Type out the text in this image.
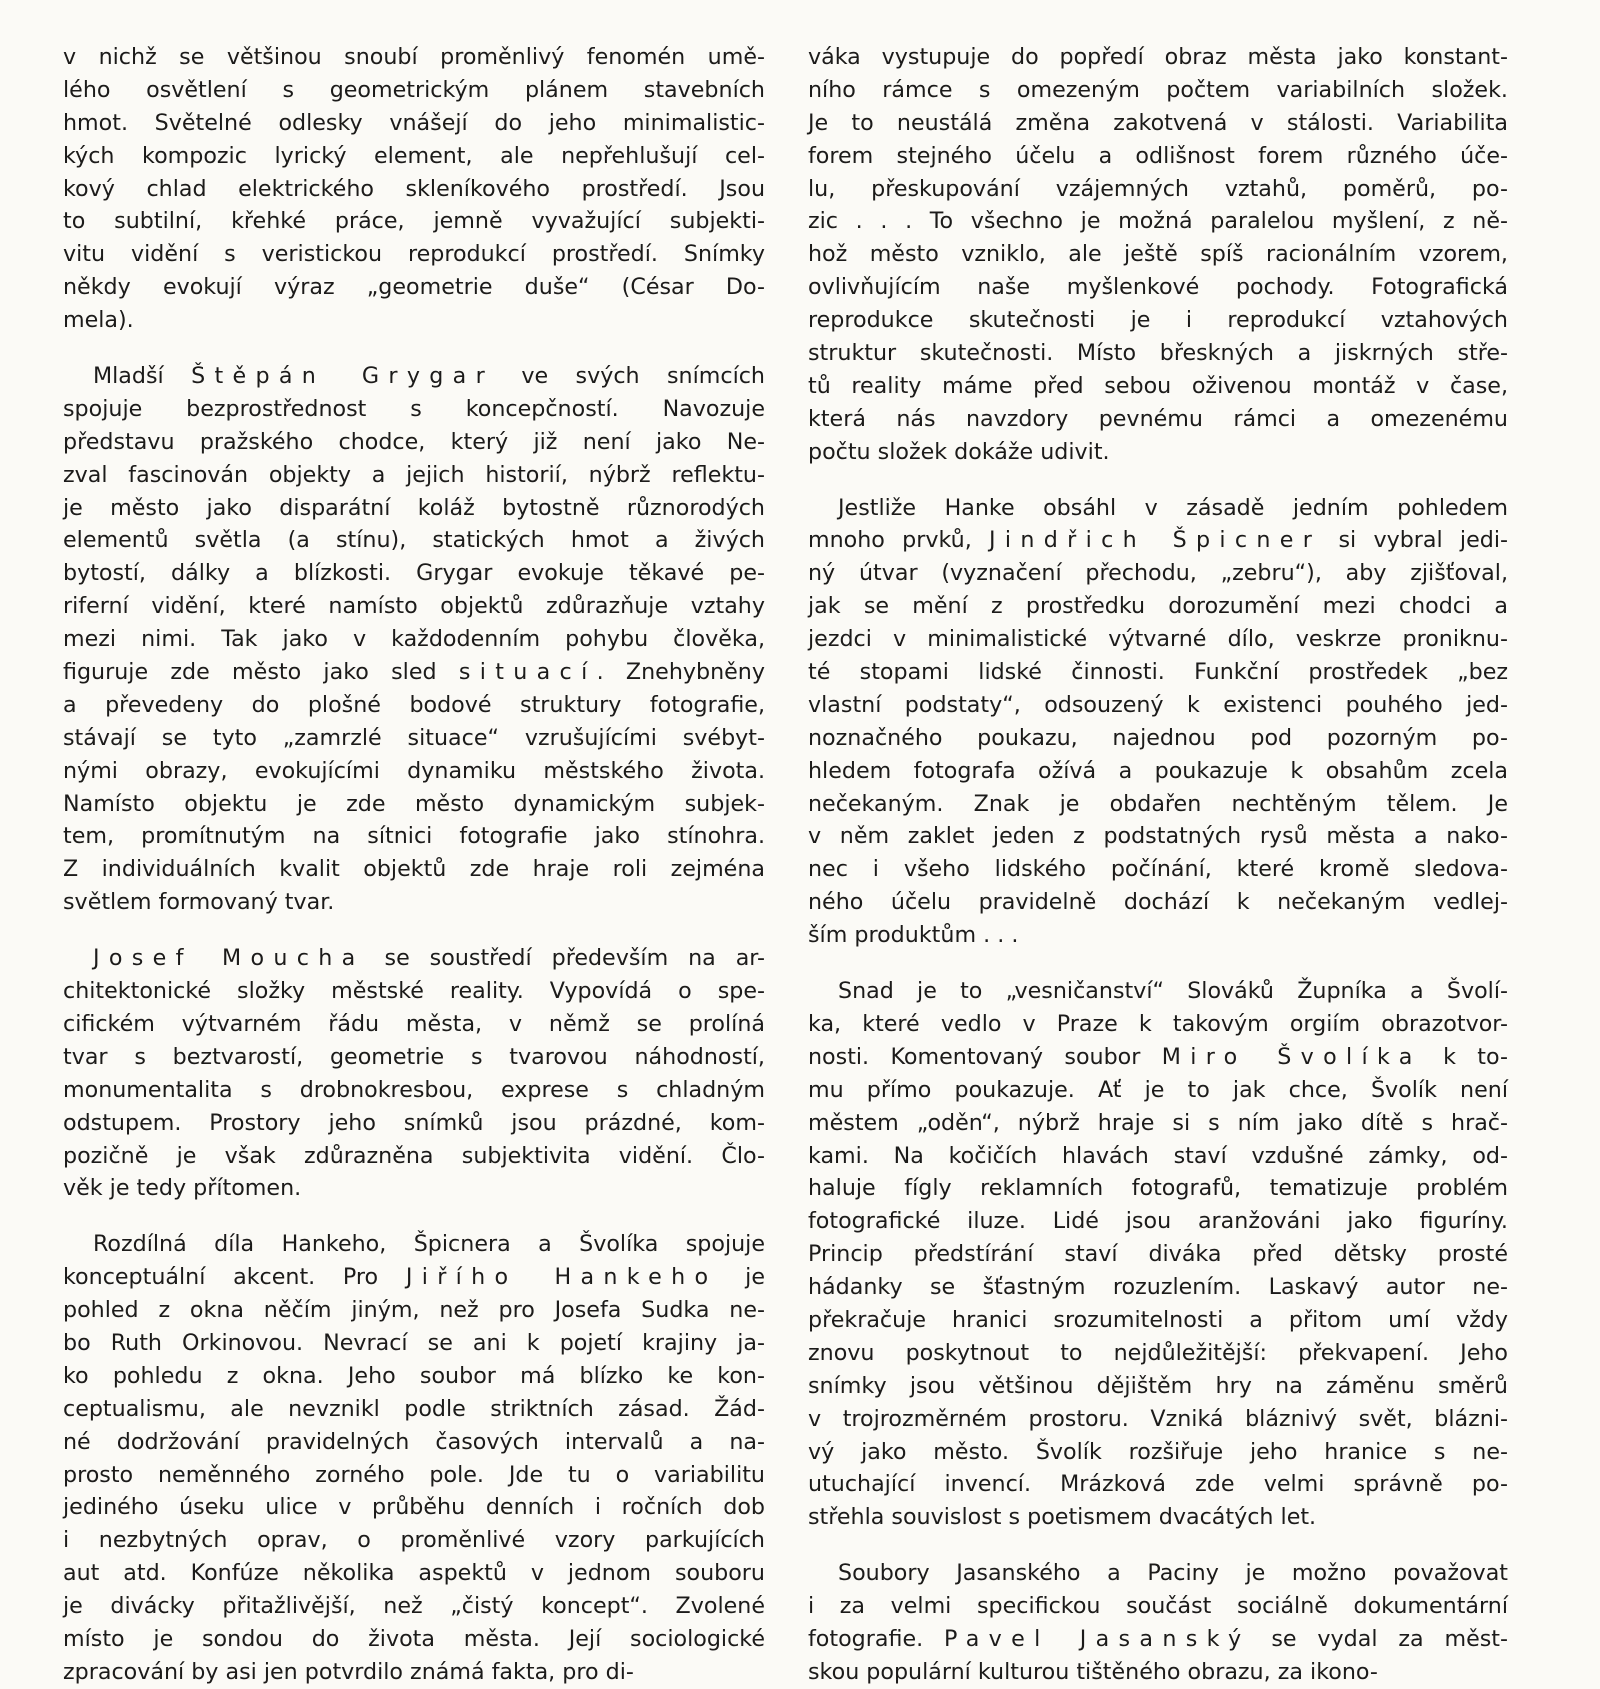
v nichž se většinou snoubí proměnlivý fenomén umě-
lého osvětlení s geometrickým plánem stavebních
hmot. Světelné odlesky vnášejí do jeho minimalistic-
kých kompozic lyrický element, ale nepřehlušují cel-
kový chlad elektrického skleníkového prostředí. Jsou
to subtilní, křehké práce, jemně vyvažující subjekti-
vitu vidění s veristickou reprodukcí prostředí. Snímky
někdy evokují výraz „geometrie duše“ (César Do-
mela).
Mladší Štěpán Grygar ve svých snímcích
spojuje bezprostřednost s koncepčností. Navozuje
představu pražského chodce, který již není jako Ne-
zval fascinován objekty a jejich historií, nýbrž reflektu-
je město jako disparátní koláž bytostně různorodých
elementů světla (a stínu), statických hmot a živých
bytostí, dálky a blízkosti. Grygar evokuje těkavé pe-
riferní vidění, které namísto objektů zdůrazňuje vztahy
mezi nimi. Tak jako v každodenním pohybu člověka,
figuruje zde město jako sled situací. Znehybněny
a převedeny do plošné bodové struktury fotografie,
stávají se tyto „zamrzlé situace“ vzrušujícími svébyt-
nými obrazy, evokujícími dynamiku městského života.
Namísto objektu je zde město dynamickým subjek-
tem, promítnutým na sítnici fotografie jako stínohra.
Z individuálních kvalit objektů zde hraje roli zejména
světlem formovaný tvar.
Josef Moucha se soustředí především na ar-
chitektonické složky městské reality. Vypovídá o spe-
cifickém výtvarném řádu města, v němž se prolíná
tvar s beztvarostí, geometrie s tvarovou náhodností,
monumentalita s drobnokresbou, exprese s chladným
odstupem. Prostory jeho snímků jsou prázdné, kom-
pozičně je však zdůrazněna subjektivita vidění. Člo-
věk je tedy přítomen.
Rozdílná díla Hankeho, Špicnera a Švolíka spojuje
konceptuální akcent. Pro Jiřího Hankeho je
pohled z okna něčím jiným, než pro Josefa Sudka ne-
bo Ruth Orkinovou. Nevrací se ani k pojetí krajiny ja-
ko pohledu z okna. Jeho soubor má blízko ke kon-
ceptualismu, ale nevznikl podle striktních zásad. Žád-
né dodržování pravidelných časových intervalů a na-
prosto neměnného zorného pole. Jde tu o variabilitu
jediného úseku ulice v průběhu denních i ročních dob
i nezbytných oprav, o proměnlivé vzory parkujících
aut atd. Konfúze několika aspektů v jednom souboru
je divácky přitažlivější, než „čistý koncept“. Zvolené
místo je sondou do života města. Její sociologické
zpracování by asi jen potvrdilo známá fakta, pro di-
váka vystupuje do popředí obraz města jako konstant-
ního rámce s omezeným počtem variabilních složek.
Je to neustálá změna zakotvená v stálosti. Variabilita
forem stejného účelu a odlišnost forem různého úče-
lu, přeskupování vzájemných vztahů, poměrů, po-
zic . . . To všechno je možná paralelou myšlení, z ně-
hož město vzniklo, ale ještě spíš racionálním vzorem,
ovlivňujícím naše myšlenkové pochody. Fotografická
reprodukce skutečnosti je i reprodukcí vztahových
struktur skutečnosti. Místo břeskných a jiskrných stře-
tů reality máme před sebou oživenou montáž v čase,
která nás navzdory pevnému rámci a omezenému
počtu složek dokáže udivit.
Jestliže Hanke obsáhl v zásadě jedním pohledem
mnoho prvků, Jindřich Špicner si vybral jedi-
ný útvar (vyznačení přechodu, „zebru“), aby zjišťoval,
jak se mění z prostředku dorozumění mezi chodci a
jezdci v minimalistické výtvarné dílo, veskrze proniknu-
té stopami lidské činnosti. Funkční prostředek „bez
vlastní podstaty“, odsouzený k existenci pouhého jed-
noznačného poukazu, najednou pod pozorným po-
hledem fotografa ožívá a poukazuje k obsahům zcela
nečekaným. Znak je obdařen nechtěným tělem. Je
v něm zaklet jeden z podstatných rysů města a nako-
nec i všeho lidského počínání, které kromě sledova-
ného účelu pravidelně dochází k nečekaným vedlej-
ším produktům . . .
Snad je to „vesničanství“ Slováků Župníka a Švolí-
ka, které vedlo v Praze k takovým orgiím obrazotvor-
nosti. Komentovaný soubor Miro Švolíka k to-
mu přímo poukazuje. Ať je to jak chce, Švolík není
městem „oděn“, nýbrž hraje si s ním jako dítě s hrač-
kami. Na kočičích hlavách staví vzdušné zámky, od-
haluje fígly reklamních fotografů, tematizuje problém
fotografické iluze. Lidé jsou aranžováni jako figuríny.
Princip předstírání staví diváka před dětsky prosté
hádanky se šťastným rozuzlením. Laskavý autor ne-
překračuje hranici srozumitelnosti a přitom umí vždy
znovu poskytnout to nejdůležitější: překvapení. Jeho
snímky jsou většinou dějištěm hry na záměnu směrů
v trojrozměrném prostoru. Vzniká bláznivý svět, blázni-
vý jako město. Švolík rozšiřuje jeho hranice s ne-
utuchající invencí. Mrázková zde velmi správně po-
střehla souvislost s poetismem dvacátých let.
Soubory Jasanského a Paciny je možno považovat
i za velmi specifickou součást sociálně dokumentární
fotografie. Pavel Jasanský se vydal za měst-
skou populární kulturou tištěného obrazu, za ikono-
